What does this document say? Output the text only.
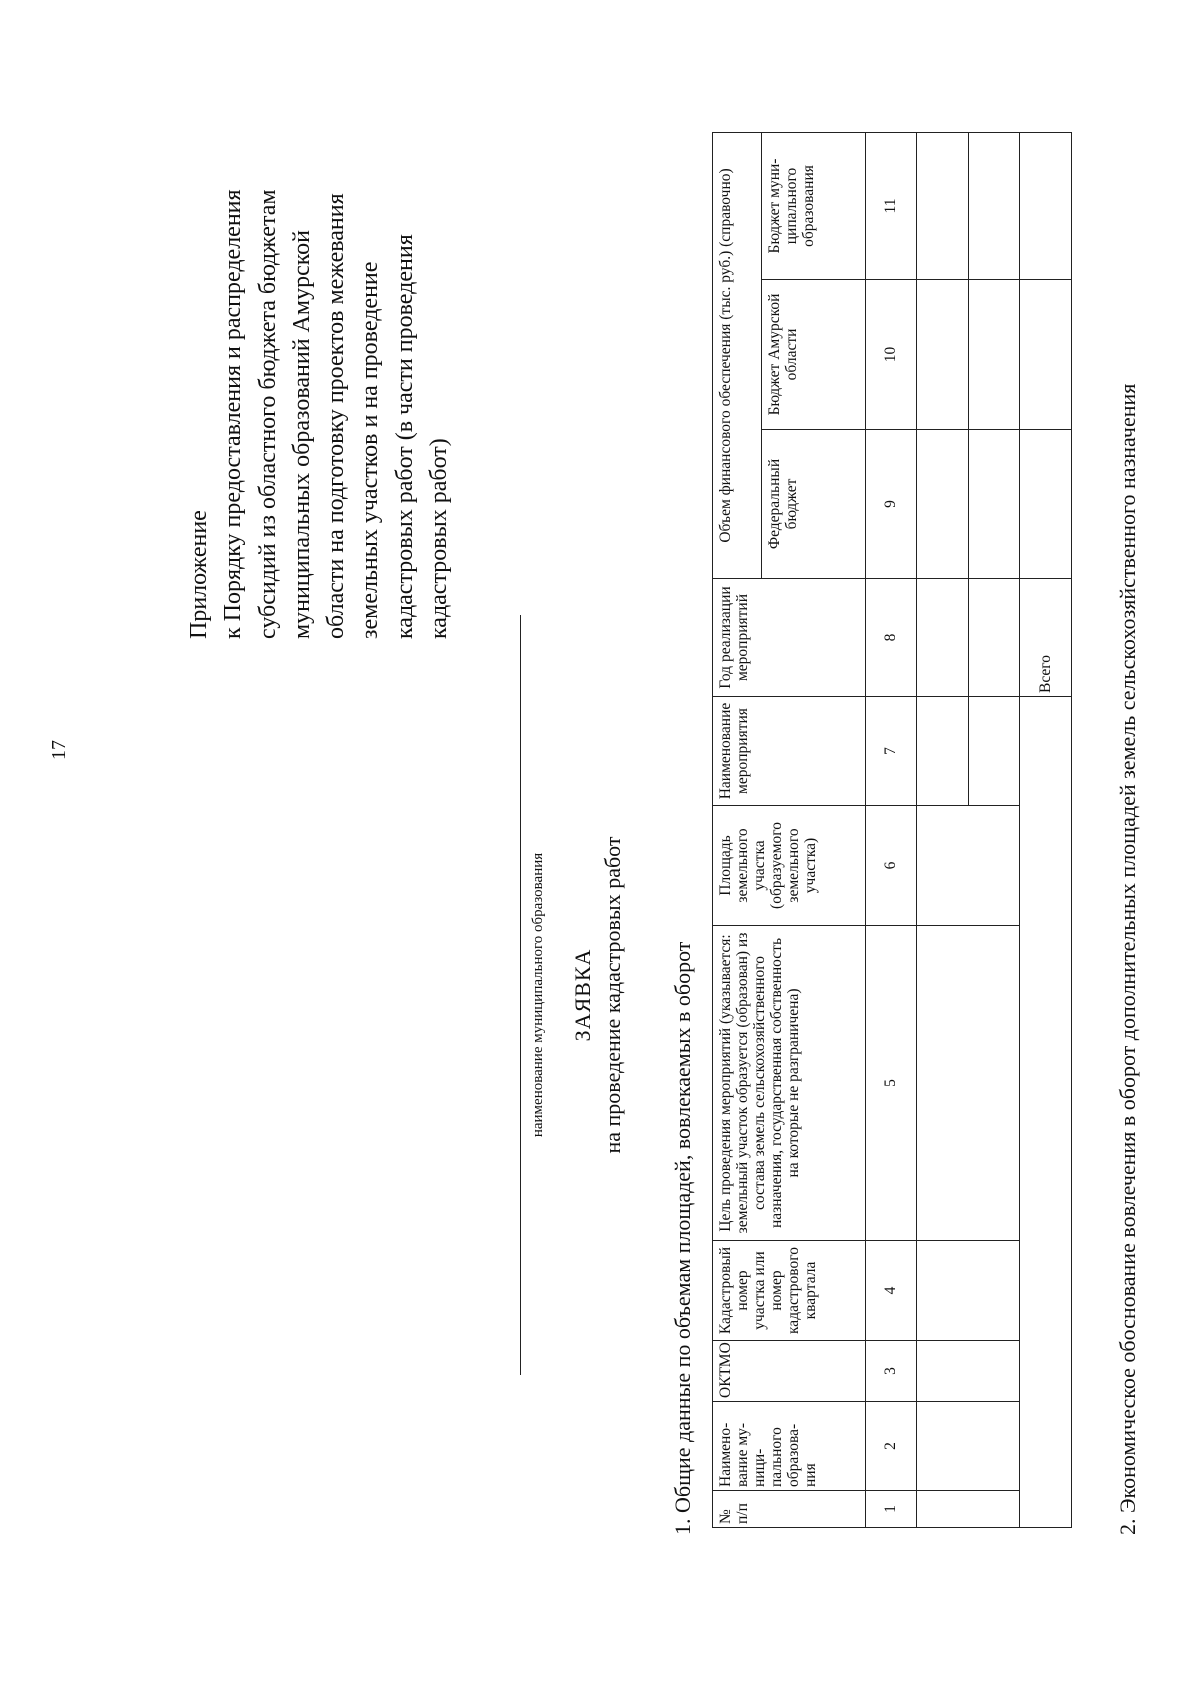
17
Приложение к Порядку предоставления и распределения субсидий из областного бюджета бюджетам муниципальных образований Амурской области на подготовку проектов межевания земельных участков и на проведение кадастровых работ (в части проведения кадастровых работ)
наименование муниципального образования ЗАЯВКА на проведение кадастровых работ 1. Общие данные по объемам площадей, вовлекаемых в оборот № п/п	Наимено-вание му-ници-пального образова-ния	ОКТМО	Кадастровый номер участка или номер кадастрового квартала	Цель проведения мероприятий (указывается: земельный участок образуется (образован) из состава земель сельскохозяйственного назначения, государственная собственность на которые не разграничена)	Площадь земельного участка (образуемого земельного участка)	Наименование мероприятия	Год реализации мероприятий	Объем финансового обеспечения (тыс. руб.) (справочно)		
								Федеральный бюджет	Бюджет Амурской области	Бюджет муни-ципального образования
1	2	3	4	5	6	7	8	9	10	11

							Всего				2. Экономическое обоснование вовлечения в оборот дополнительных площадей земель сельскохозяйственного назначения
